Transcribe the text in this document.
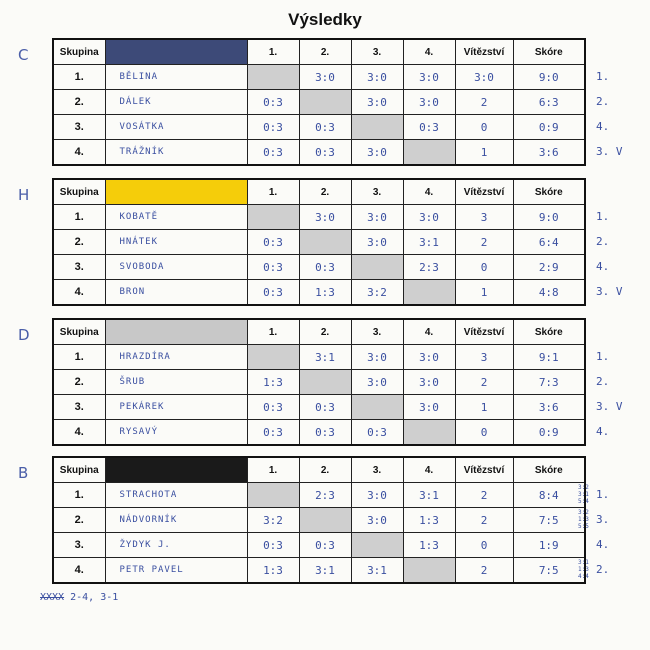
Výsledky
C
1.
2.
4.
3. V
Skupina		1.	2.	3.	4.	Vítězství	Skóre
1.	BĚLINA		3:0	3:0	3:0	3:0	9:0
2.	DÁLEK	0:3		3:0	3:0	2	6:3
3.	VOSÁTKA	0:3	0:3		0:3	0	0:9
4.	TRÁŽNÍK	0:3	0:3	3:0		1	3:6
H
1.
2.
4.
3. V
Skupina		1.	2.	3.	4.	Vítězství	Skóre
1.	KOBATĚ		3:0	3:0	3:0	3	9:0
2.	HNÁTEK	0:3		3:0	3:1	2	6:4
3.	SVOBODA	0:3	0:3		2:3	0	2:9
4.	BRON	0:3	1:3	3:2		1	4:8
D
1.
2.
3. V
4.
Skupina		1.	2.	3.	4.	Vítězství	Skóre
1.	HRAZDÍRA		3:1	3:0	3:0	3	9:1
2.	ŠRUB	1:3		3:0	3:0	2	7:3
3.	PEKÁREK	0:3	0:3		3:0	1	3:6
4.	RYSAVÝ	0:3	0:3	0:3		0	0:9
B
1.
3:2
3:1
5:4
3.
3:2
1:3
5:5
4.
2.
3:1
1:3
4:4
Skupina		1.	2.	3.	4.	Vítězství	Skóre
1.	STRACHOTA		2:3	3:0	3:1	2	8:4
2.	NÁDVORNÍK	3:2		3:0	1:3	2	7:5
3.	ŽYDYK J.	0:3	0:3		1:3	0	1:9
4.	PETR PAVEL	1:3	3:1	3:1		2	7:5
XXXX 2-4, 3-1
